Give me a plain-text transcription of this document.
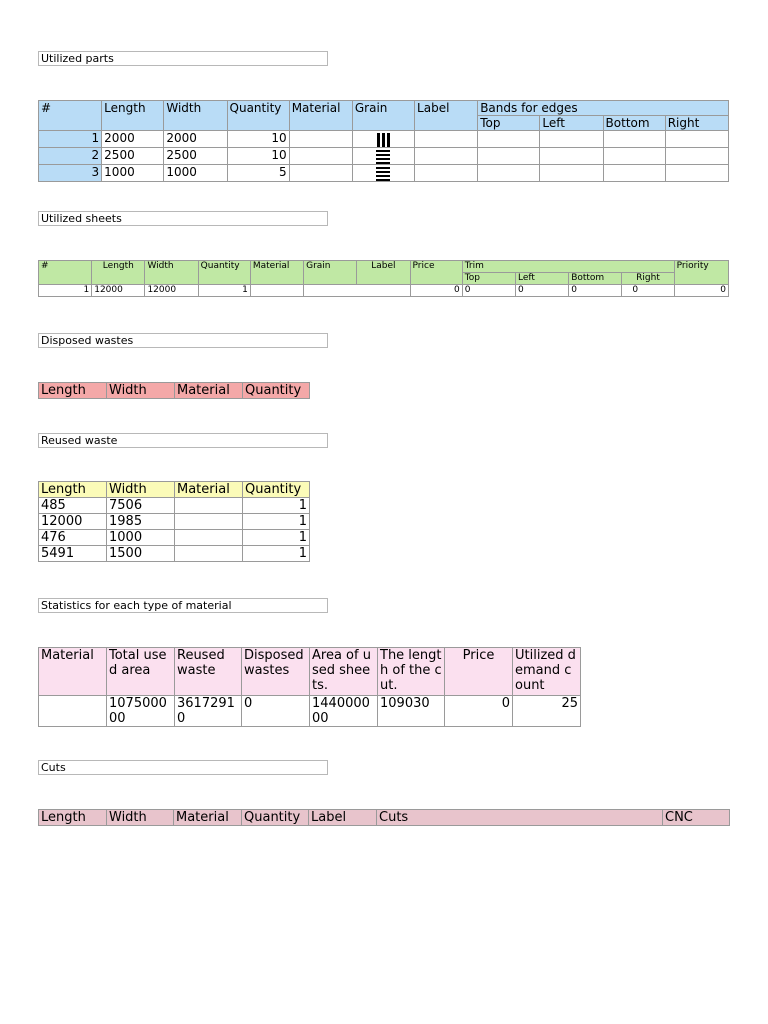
Utilized parts
#	Length	Width	Quantity	Material	Grain	Label	Bands for edges			
							Top	Left	Bottom	Right
1	2000	2000	10		

2	2500	2500	10		

3	1000	1000	5		

Utilized sheets
#	Length	Width	Quantity	Material	Grain	Label	Price	Trim				Priority
								Top	Left	Bottom	Right	
1	12000	12000	1				0	0	0	0	0	0
Disposed wastes
Length	Width	Material	Quantity
Reused waste
Length	Width	Material	Quantity
485	7506		1
12000	1985		1
476	1000		1
5491	1500		1
Statistics for each type of material
Material	Total used area	Reused waste	Disposed wastes	Area of used sheets.	The length of the cut.	Price	Utilized demand count
	107500000	36172910	0	144000000	109030	0	25
Cuts
Length	Width	Material	Quantity	Label	Cuts	CNC
